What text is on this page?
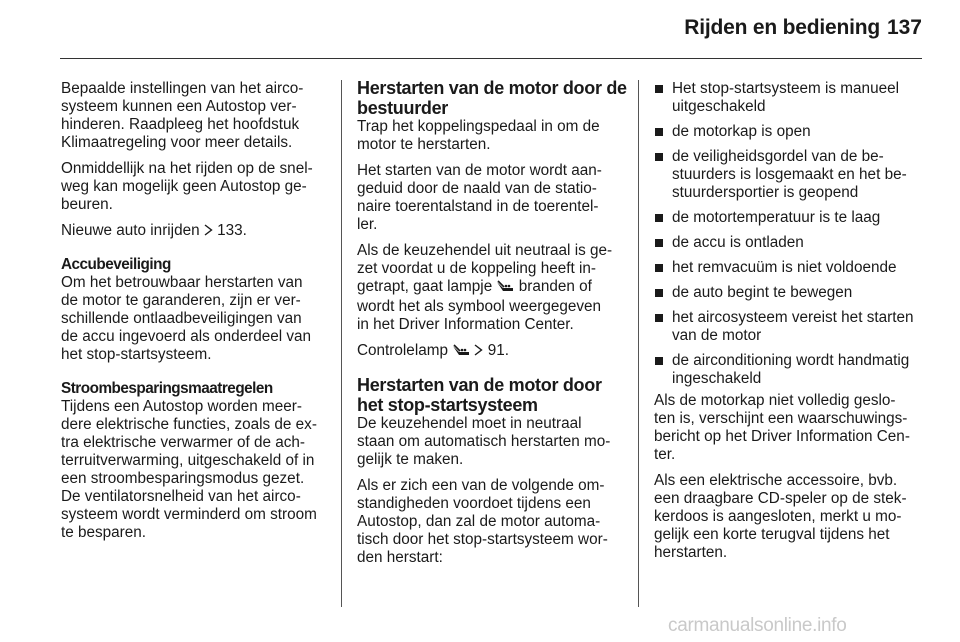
Rijden en bediening 137
Bepaalde instellingen van het airco-
systeem kunnen een Autostop ver-
hinderen. Raadpleeg het hoofdstuk
Klimaatregeling voor meer details.
Onmiddellijk na het rijden op de snel-
weg kan mogelijk geen Autostop ge-
beuren.
Nieuwe auto inrijden 133.
Accubeveiliging
Om het betrouwbaar herstarten van
de motor te garanderen, zijn er ver-
schillende ontlaadbeveiligingen van
de accu ingevoerd als onderdeel van
het stop-startsysteem.
Stroombesparingsmaatregelen
Tijdens een Autostop worden meer-
dere elektrische functies, zoals de ex-
tra elektrische verwarmer of de ach-
terruitverwarming, uitgeschakeld of in
een stroombesparingsmodus gezet.
De ventilatorsnelheid van het airco-
systeem wordt verminderd om stroom
te besparen.
Herstarten van de motor door de
bestuurder
Trap het koppelingspedaal in om de
motor te herstarten.
Het starten van de motor wordt aan-
geduid door de naald van de statio-
naire toerentalstand in de toerentel-
ler.
Als de keuzehendel uit neutraal is ge-
zet voordat u de koppeling heeft in-
getrapt, gaat lampje branden of
wordt het als symbool weergegeven
in het Driver Information Center.
Controlelamp	91.
Herstarten van de motor door
het stop-startsysteem
De keuzehendel moet in neutraal
staan om automatisch herstarten mo-
gelijk te maken.
Als er zich een van de volgende om-
standigheden voordoet tijdens een
Autostop, dan zal de motor automa-
tisch door het stop-startsysteem wor-
den herstart:
Het stop-startsysteem is manueel
uitgeschakeld
de motorkap is open
de veiligheidsgordel van de be-
stuurders is losgemaakt en het be-
stuurdersportier is geopend
de motortemperatuur is te laag
de accu is ontladen
het remvacuüm is niet voldoende
de auto begint te bewegen
het aircosysteem vereist het starten
van de motor
de airconditioning wordt handmatig
ingeschakeld
Als de motorkap niet volledig geslo-
ten is, verschijnt een waarschuwings-
bericht op het Driver Information Cen-
ter.
Als een elektrische accessoire, bvb.
een draagbare CD-speler op de stek-
kerdoos is aangesloten, merkt u mo-
gelijk een korte terugval tijdens het
herstarten.
carmanualsonline.info
